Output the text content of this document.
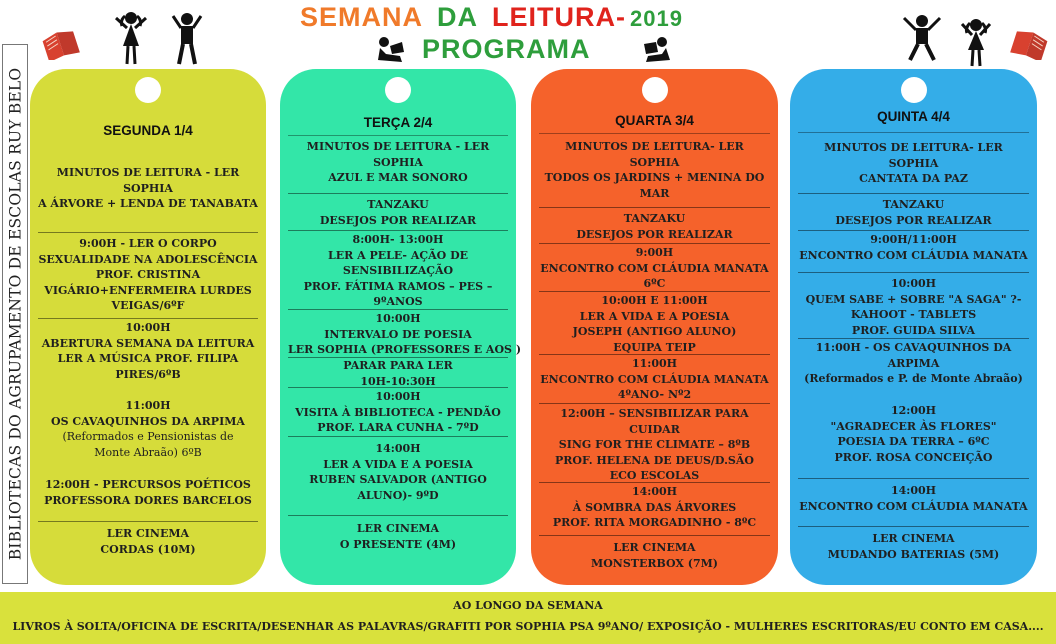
BIBLIOTECAS DO AGRUPAMENTO DE ESCOLAS RUY BELO
SEMANA DA LEITURA- 2019
PROGRAMA
SEGUNDA 1/4
MINUTOS DE LEITURA - LER
SOPHIA
A ÁRVORE + LENDA DE TANABATA
9:00H - LER O CORPO
SEXUALIDADE NA ADOLESCÊNCIA
PROF. CRISTINA
VIGÁRIO+ENFERMEIRA LURDES
VEIGAS/6ºF
10:00H
ABERTURA SEMANA DA LEITURA
LER A MÚSICA PROF. FILIPA
PIRES/6ºB
11:00H
OS CAVAQUINHOS DA ARPIMA
(Reformados e Pensionistas de
Monte Abraão) 6ºB
12:00H - PERCURSOS POÉTICOS
PROFESSORA DORES BARCELOS
LER CINEMA
CORDAS (10M)
TERÇA 2/4
MINUTOS DE LEITURA - LER
SOPHIA
AZUL E MAR SONORO
TANZAKU
DESEJOS POR REALIZAR
8:00H- 13:00H
LER A PELE- AÇÃO DE
SENSIBILIZAÇÃO
PROF. FÁTIMA RAMOS – PES –
9ºANOS
10:00H
INTERVALO DE POESIA
LER SOPHIA (PROFESSORES E AOS )
PARAR PARA LER
10H-10:30H
10:00H
VISITA À BIBLIOTECA - PENDÃO
PROF. LARA CUNHA - 7ºD
14:00H
LER A VIDA E A POESIA
RUBEN SALVADOR (ANTIGO
ALUNO)- 9ºD
LER CINEMA
O PRESENTE (4M)
QUARTA 3/4
MINUTOS DE LEITURA- LER
SOPHIA
TODOS OS JARDINS + MENINA DO
MAR
TANZAKU
DESEJOS POR REALIZAR
9:00H
ENCONTRO COM CLÁUDIA MANATA
6ºC
10:00H E 11:00H
LER A VIDA E A POESIA
JOSEPH (ANTIGO ALUNO)
EQUIPA TEIP
11:00H
ENCONTRO COM CLÁUDIA MANATA
4ºANO- Nº2
12:00H – SENSIBILIZAR PARA
CUIDAR
SING FOR THE CLIMATE – 8ºB
PROF. HELENA DE DEUS/D.SÃO
ECO ESCOLAS
14:00H
À SOMBRA DAS ÁRVORES
PROF. RITA MORGADINHO - 8ºC
LER CINEMA
MONSTERBOX (7M)
QUINTA 4/4
MINUTOS DE LEITURA- LER
SOPHIA
CANTATA DA PAZ
TANZAKU
DESEJOS POR REALIZAR
9:00H/11:00H
ENCONTRO COM CLÁUDIA MANATA
10:00H
QUEM SABE + SOBRE "A SAGA" ?-
KAHOOT - TABLETS
PROF. GUIDA SILVA
11:00H - OS CAVAQUINHOS DA
ARPIMA
(Reformados e P. de Monte Abraão)
12:00H
"AGRADECER ÀS FLORES"
POESIA DA TERRA – 6ºC
PROF. ROSA CONCEIÇÃO
14:00H
ENCONTRO COM CLÁUDIA MANATA
LER CINEMA
MUDANDO BATERIAS (5M)
AO LONGO DA SEMANA
LIVROS À SOLTA/OFICINA DE ESCRITA/DESENHAR AS PALAVRAS/GRAFITI POR SOPHIA PSA 9ºANO/ EXPOSIÇÃO - MULHERES ESCRITORAS/EU CONTO EM CASA....
